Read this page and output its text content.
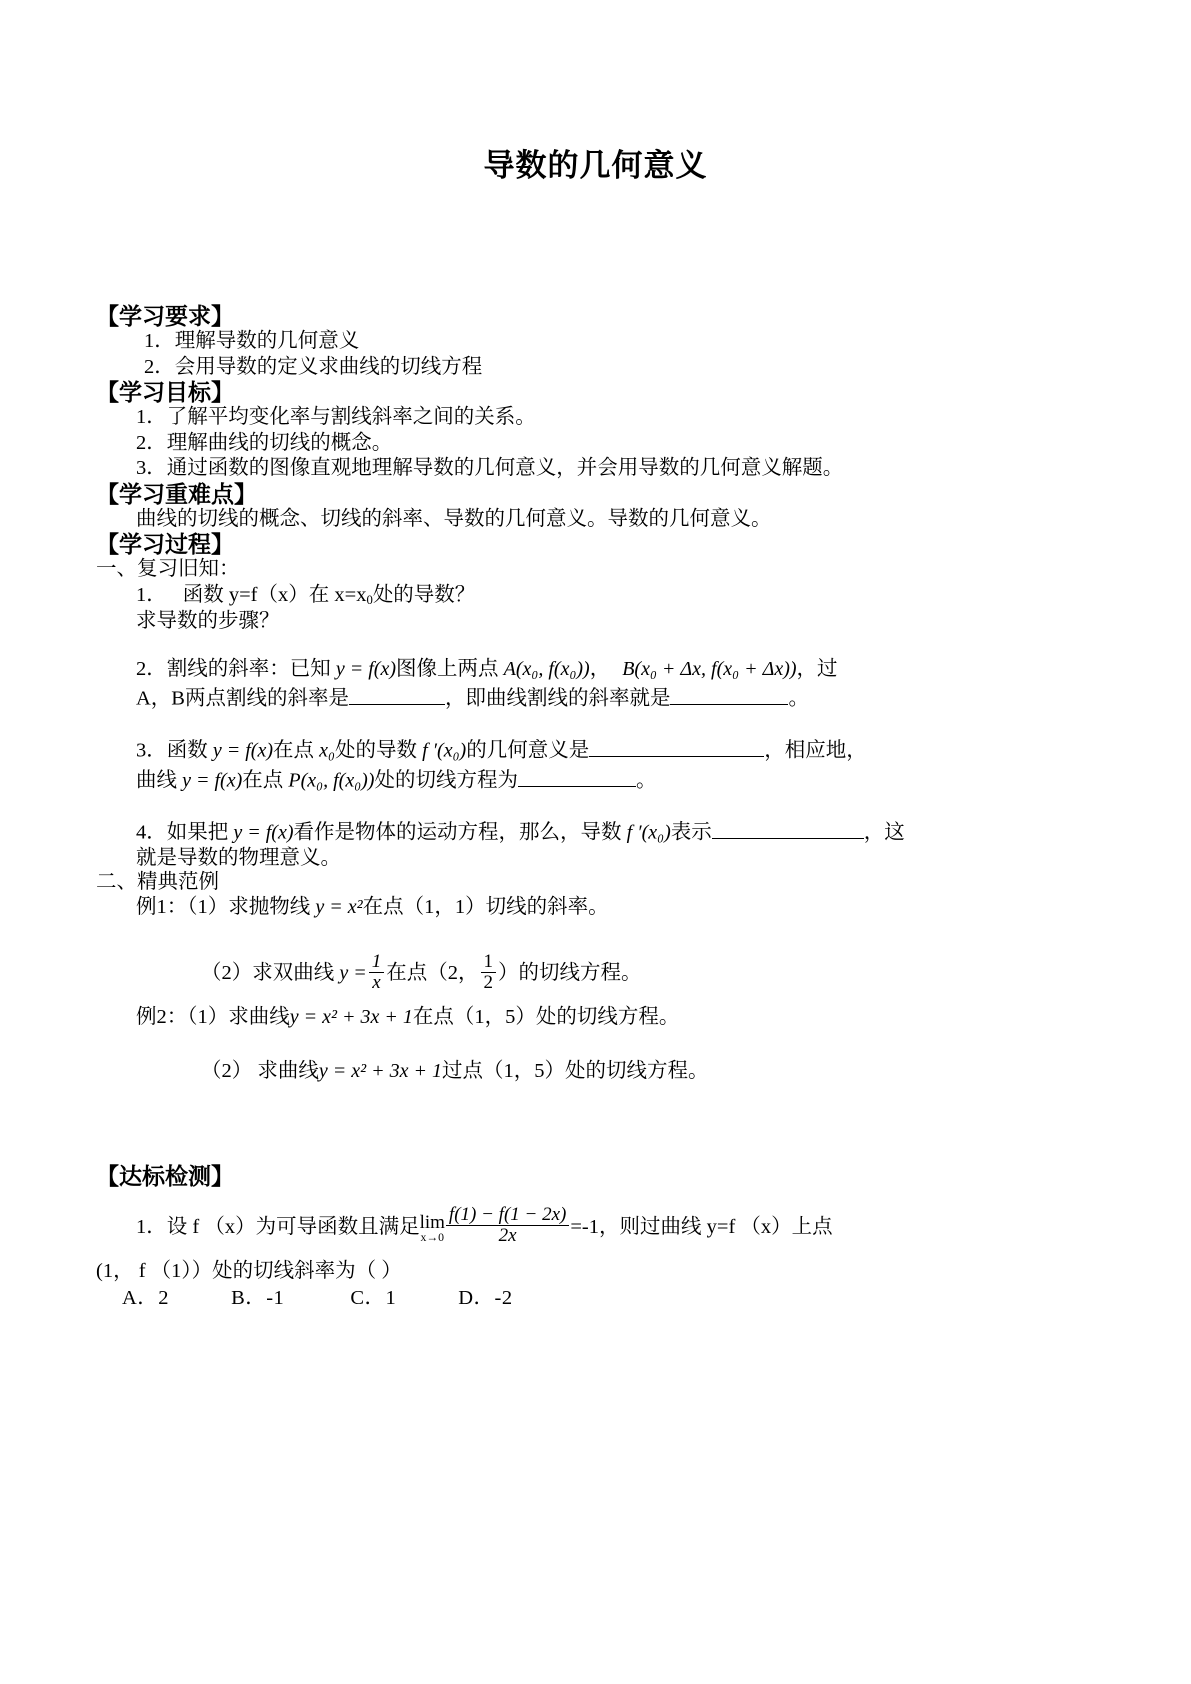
导数的几何意义
【学习要求】
1．理解导数的几何意义
2．会用导数的定义求曲线的切线方程
【学习目标】
1．了解平均变化率与割线斜率之间的关系。
2．理解曲线的切线的概念。
3．通过函数的图像直观地理解导数的几何意义，并会用导数的几何意义解题。
【学习重难点】
曲线的切线的概念、切线的斜率、导数的几何意义。导数的几何意义。
【学习过程】
一、复习旧知：
1． 函数 y=f（x）在 $x=x_0$处的导数？
求导数的步骤？
2．割线的斜率：已知 y = f(x)图像上两点 A(x₀, f(x₀))， B(x₀ + Δx, f(x₀ + Δx))，过
A，B两点割线的斜率是	，即曲线割线的斜率就是	。
3．函数 y = f(x)在点 x₀处的导数 f ′(x₀)的几何意义是	，相应地，
曲线 y = f(x)在点 P(x₀, f(x₀))处的切线方程为	。
4．如果把 y = f(x)看作是物体的运动方程，那么，导数 f ′(x₀)表示	，这
就是导数的物理意义。
二、精典范例
例1：（1）求抛物线 y = x²在点（1，1）切线的斜率。
（2）求双曲线 $y = \frac{1}{x}$ 在点（2， $\frac{1}{2}$ ）的切线方程。
例2：（1）求曲线y = x² + 3x + 1在点（1，5）处的切线方程。
（2） 求曲线y = x² + 3x + 1过点（1，5）处的切线方程。
【达标检测】
1．设 f （x）为可导函数且满足 lim
$x\to 0 \frac{f(1) - f(1 - 2x)}{2x} =-1$，则过曲线 y=f （x）上点
(1， f （1））处的切线斜率为（ ）
A．2	B．-1	C．1	D．-2
